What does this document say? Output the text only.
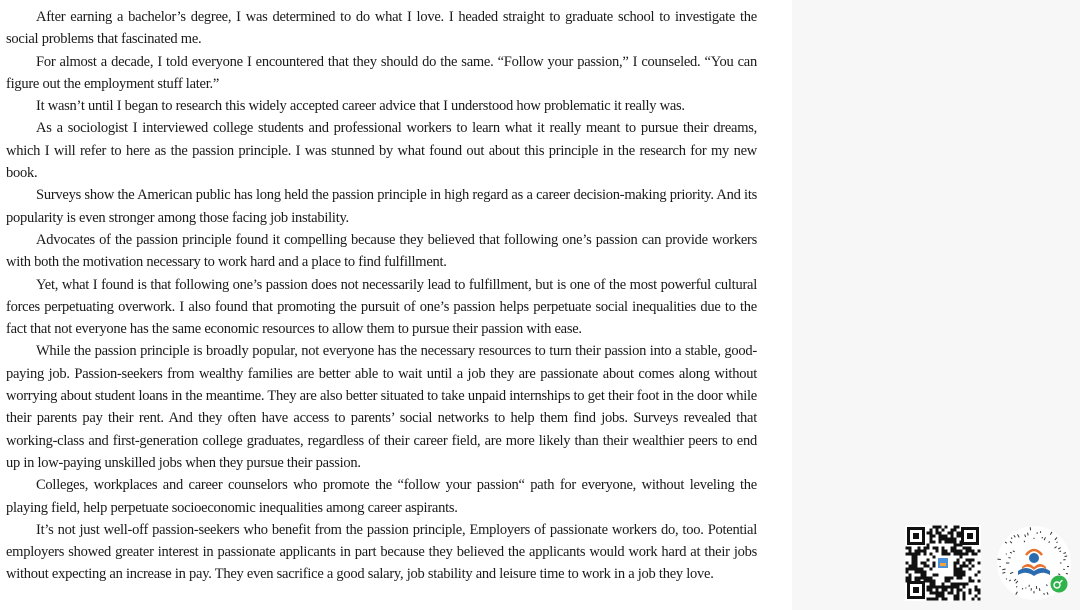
After earning a bachelor’s degree, I was determined to do what I love. I headed straight to graduate school to investigate the social problems that fascinated me.

For almost a decade, I told everyone I encountered that they should do the same. “Follow your passion,” I counseled. “You can figure out the employment stuff later.”

It wasn’t until I began to research this widely accepted career advice that I understood how problematic it really was.

As a sociologist I interviewed college students and professional workers to learn what it really meant to pursue their dreams, which I will refer to here as the passion principle. I was stunned by what found out about this principle in the research for my new book.

Surveys show the American public has long held the passion principle in high regard as a career decision-making priority. And its popularity is even stronger among those facing job instability.

Advocates of the passion principle found it compelling because they believed that following one’s passion can provide workers with both the motivation necessary to work hard and a place to find fulfillment.

Yet, what I found is that following one’s passion does not necessarily lead to fulfillment, but is one of the most powerful cultural forces perpetuating overwork. I also found that promoting the pursuit of one’s passion helps perpetuate social inequalities due to the fact that not everyone has the same economic resources to allow them to pursue their passion with ease.

While the passion principle is broadly popular, not everyone has the necessary resources to turn their passion into a stable, good-paying job. Passion-seekers from wealthy families are better able to wait until a job they are passionate about comes along without worrying about student loans in the meantime. They are also better situated to take unpaid internships to get their foot in the door while their parents pay their rent. And they often have access to parents’ social networks to help them find jobs. Surveys revealed that working-class and first-generation college graduates, regardless of their career field, are more likely than their wealthier peers to end up in low-paying unskilled jobs when they pursue their passion.

Colleges, workplaces and career counselors who promote the “follow your passion“ path for everyone, without leveling the playing field, help perpetuate socioeconomic inequalities among career aspirants.

It’s not just well-off passion-seekers who benefit from the passion principle, Employers of passionate workers do, too. Potential employers showed greater interest in passionate applicants in part because they believed the applicants would work hard at their jobs without expecting an increase in pay. They even sacrifice a good salary, job stability and leisure time to work in a job they love.
